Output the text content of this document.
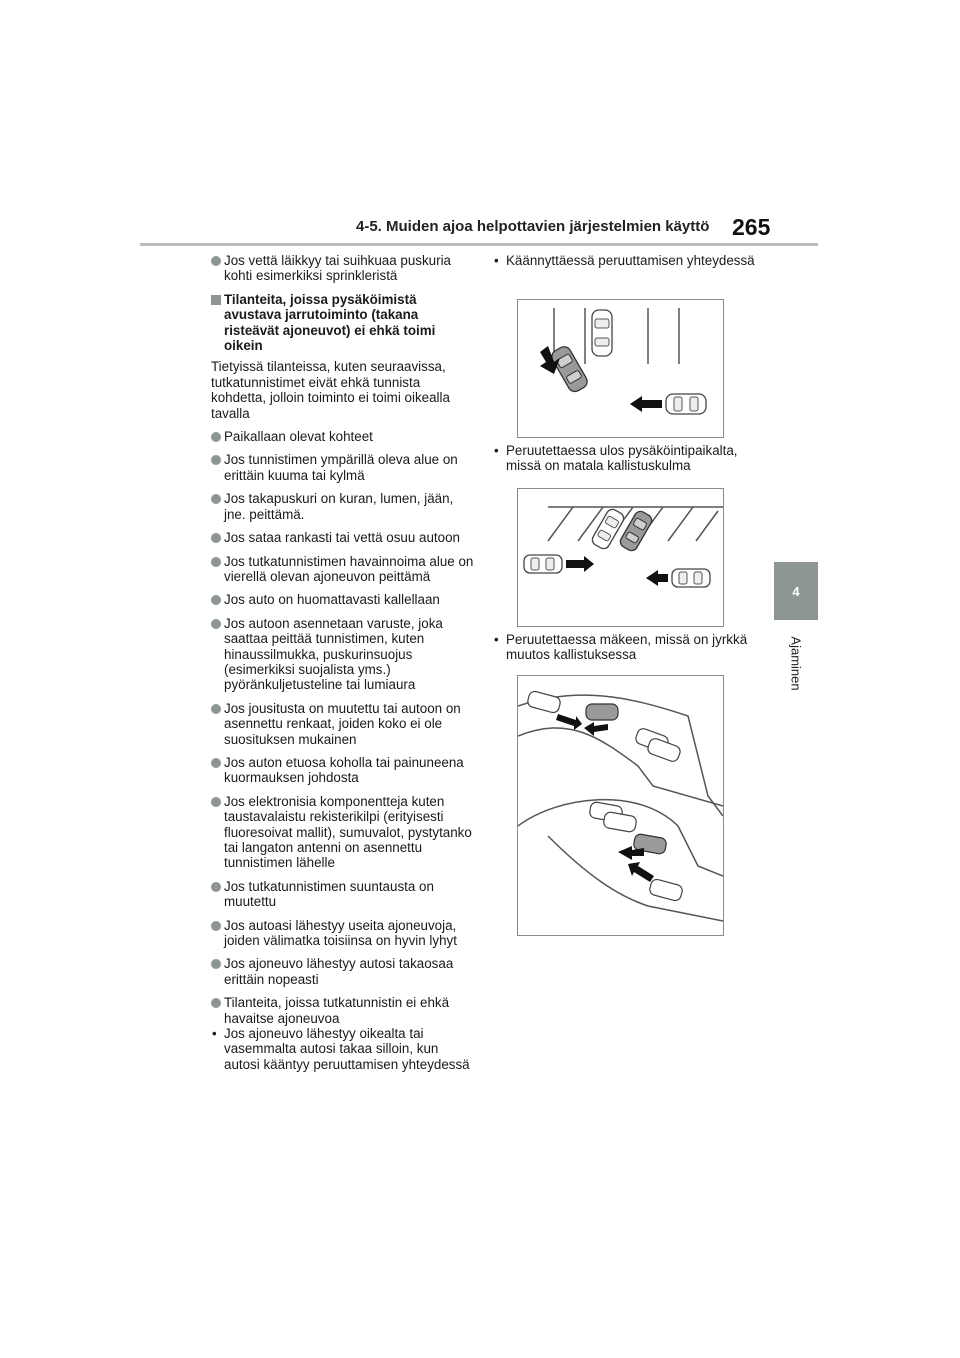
4-5. Muiden ajoa helpottavien järjestelmien käyttö 265
4
Ajaminen
Jos vettä läikkyy tai suihkuaa puskuria kohti esimerkiksi sprinkleristä
Tilanteita, joissa pysäköimistä avustava jarrutoiminto (takana risteävät ajoneuvot) ei ehkä toimi oikein

Tietyissä tilanteissa, kuten seuraavissa, tutkatunnistimet eivät ehkä tunnista kohdetta, jolloin toiminto ei toimi oikealla tavalla

Paikallaan olevat kohteet
Jos tunnistimen ympärillä oleva alue on erittäin kuuma tai kylmä
Jos takapuskuri on kuran, lumen, jään, jne. peittämä.
Jos sataa rankasti tai vettä osuu autoon
Jos tutkatunnistimen havainnoima alue on vierellä olevan ajoneuvon peittämä
Jos auto on huomattavasti kallellaan
Jos autoon asennetaan varuste, joka saattaa peittää tunnistimen, kuten hinaussilmukka, puskurinsuojus (esimerkiksi suojalista yms.) pyöränkuljetusteline tai lumiaura
Jos jousitusta on muutettu tai autoon on asennettu renkaat, joiden koko ei ole suosituksen mukainen
Jos auton etuosa koholla tai painuneena kuormauksen johdosta
Jos elektronisia komponentteja kuten taustavalaistu rekisterikilpi (erityisesti fluoresoivat mallit), sumuvalot, pystytanko tai langaton antenni on asennettu tunnistimen lähelle
Jos tutkatunnistimen suuntausta on muutettu
Jos autoasi lähestyy useita ajoneuvoja, joiden välimatka toisiinsa on hyvin lyhyt
Jos ajoneuvo lähestyy autosi takaosaa erittäin nopeasti
Tilanteita, joissa tutkatunnistin ei ehkä havaitse ajoneuvoa
• Jos ajoneuvo lähestyy oikealta tai vasemmalta autosi takaa silloin, kun autosi kääntyy peruuttamisen yhteydessä
• Käännyttäessä peruuttamisen yhteydessä
• Peruutettaessa ulos pysäköintipaikalta, missä on matala kallistuskulma
• Peruutettaessa mäkeen, missä on jyrkkä muutos kallistuksessa
